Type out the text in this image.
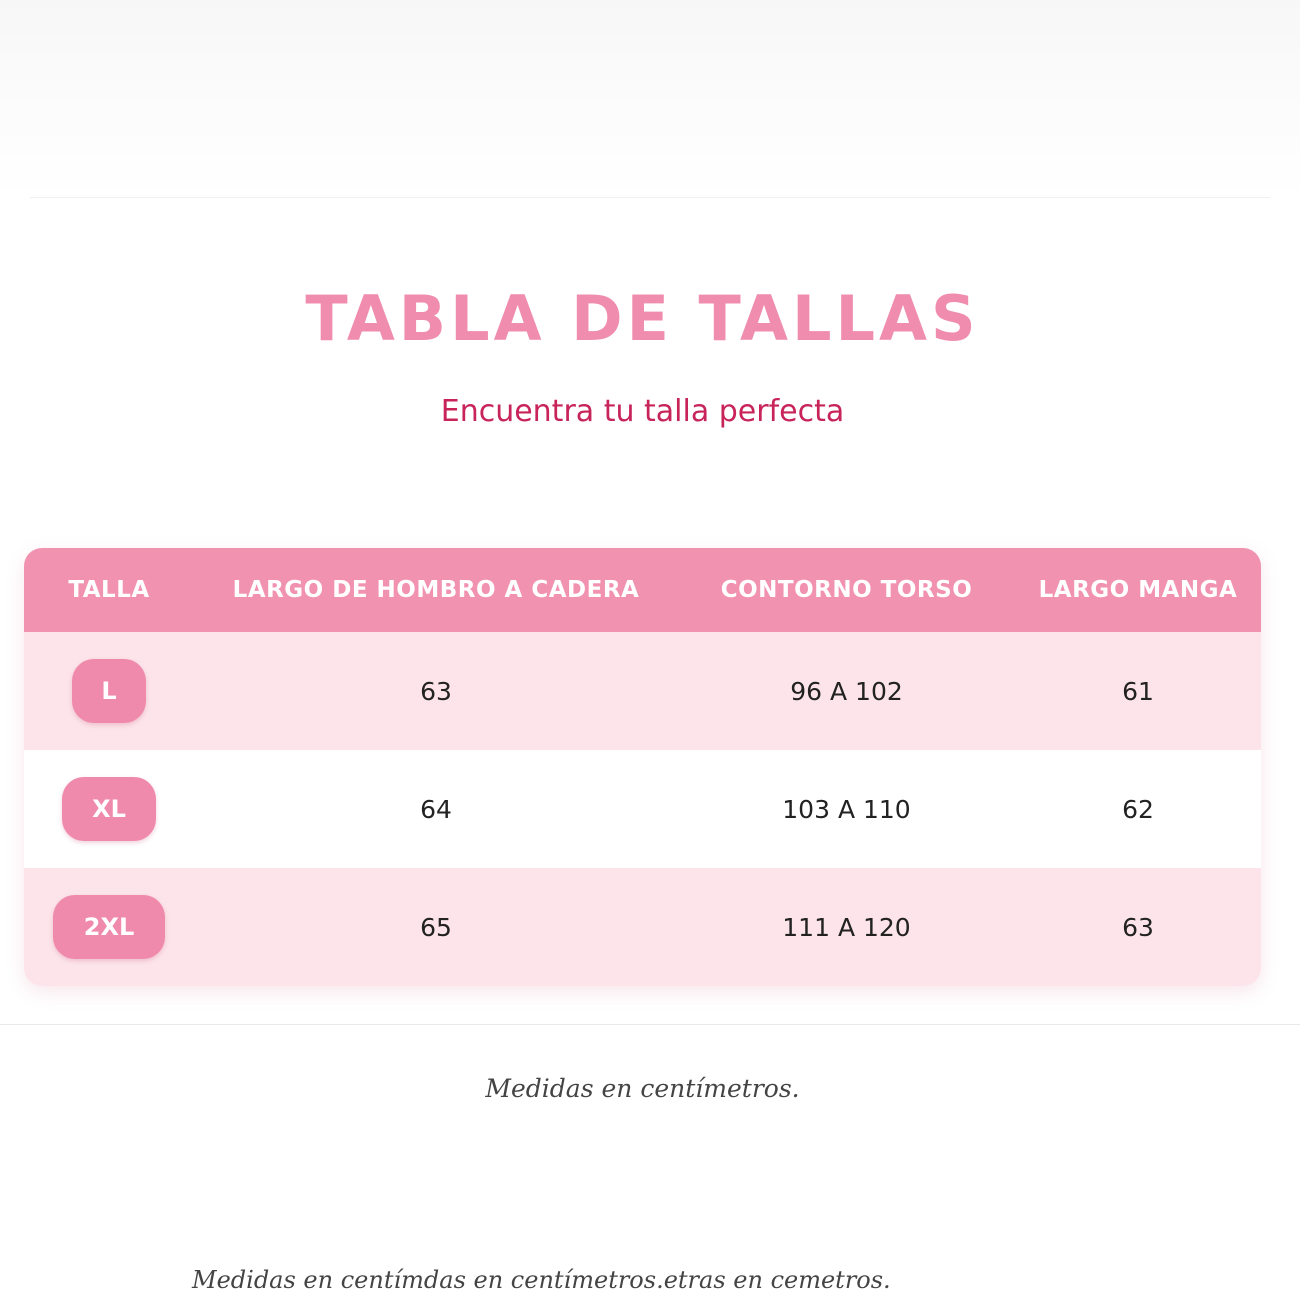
TABLA DE TALLAS
Encuentra tu talla perfecta
TALLA	LARGO DE HOMBRO A CADERA	CONTORNO TORSO	LARGO MANGA
L	63	96 A 102	61
XL	64	103 A 110	62
2XL	65	111 A 120	63
Medidas en centímetros.
Medidas en centímdas en centímetros.etras en cemetros.
